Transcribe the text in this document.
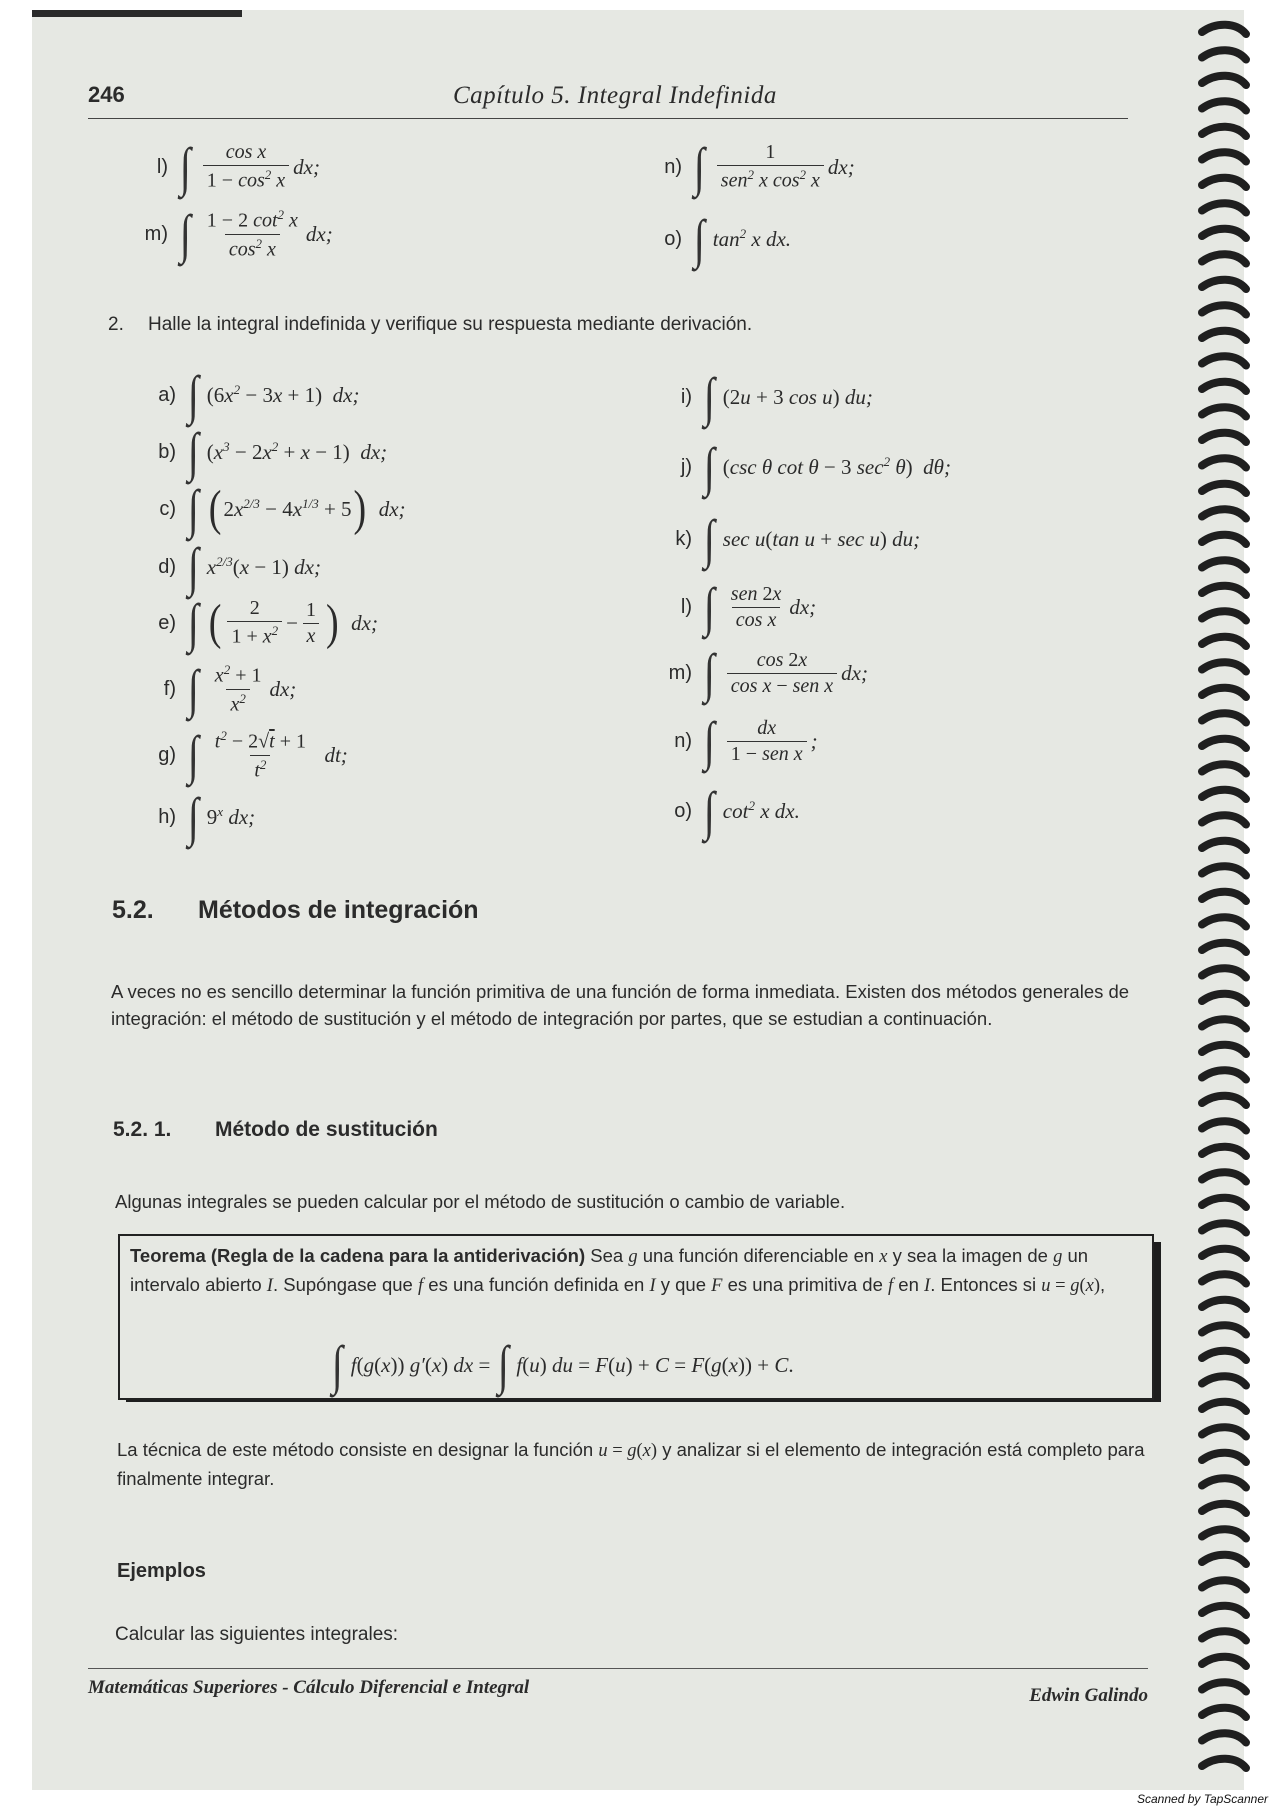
246	Capítulo 5. Integral Indefinida
l) ∫ $\frac{\text{cos x}}{1 - \cos^2 x}$ dx;
m) ∫ $\frac{1 - 2 \cot^2 x}{\cos^2 x}$ dx;
n) ∫ $\frac{1}{sen^2 x \cos^2 x}$ dx;
o) ∫ $\tan^2 x$ dx.
2. Halle la integral indefinida y verifique su respuesta mediante derivación.
a) ∫ $(6x^2 - 3x + 1)$  dx;
b) ∫ $(x^3 - 2x^2 + x - 1)$  dx;
c) ∫ ( $2x^{2/3} - 4x^{1/3} + 5$ ) dx;
d) ∫ $x^{2/3}(x - 1)$ dx;
e) ∫ ( $\frac{2}{1 + x^2} - \frac{1}{x}$ ) dx;
f) ∫ $\frac{x^2 + 1}{x^2}$ dx;
g) ∫ $\frac{t^2 - 2√t + 1}{t^2}$ dt;
h) ∫ 9$^x$ dx;
i) ∫ (2u + 3 cos u) du;
j) ∫ (csc θ cot θ − 3 $\sec^2 \theta$)  dθ;
k) ∫ sec u(tan u + sec u) du;
l) ∫ $\frac{\text{sen 2x}}{\text{cos x}}$ dx;
m) ∫ $\frac{\cos 2x}{\text{cos x − sen x}}$ dx;
n) ∫ $\frac{dx}{\text{1 − sen x}}$ ;
o) ∫ $\cot^2 x$ dx.
5.2. Métodos de integración
A veces no es sencillo determinar la función primitiva de una función de forma inmediata. Existen dos métodos generales de integración: el método de sustitución y el método de integración por partes, que se estudian a continuación.
5.2. 1. Método de sustitución
Algunas integrales se pueden calcular por el método de sustitución o cambio de variable.
Teorema (Regla de la cadena para la antiderivación) Sea g una función diferenciable en x y sea la imagen de g un intervalo abierto I. Supóngase que f es una función definida en I y que F es una primitiva de f en I. Entonces si u = g(x),
∫ f(g(x)) g′(x) dx = ∫ f(u) du = F(u) + C = F(g(x)) + C.
La técnica de este método consiste en designar la función u = g(x) y analizar si el elemento de integración está completo para finalmente integrar.
Ejemplos
Calcular las siguientes integrales:
Matemáticas Superiores - Cálculo Diferencial e Integral	Edwin Galindo
Scanned by TapScanner
